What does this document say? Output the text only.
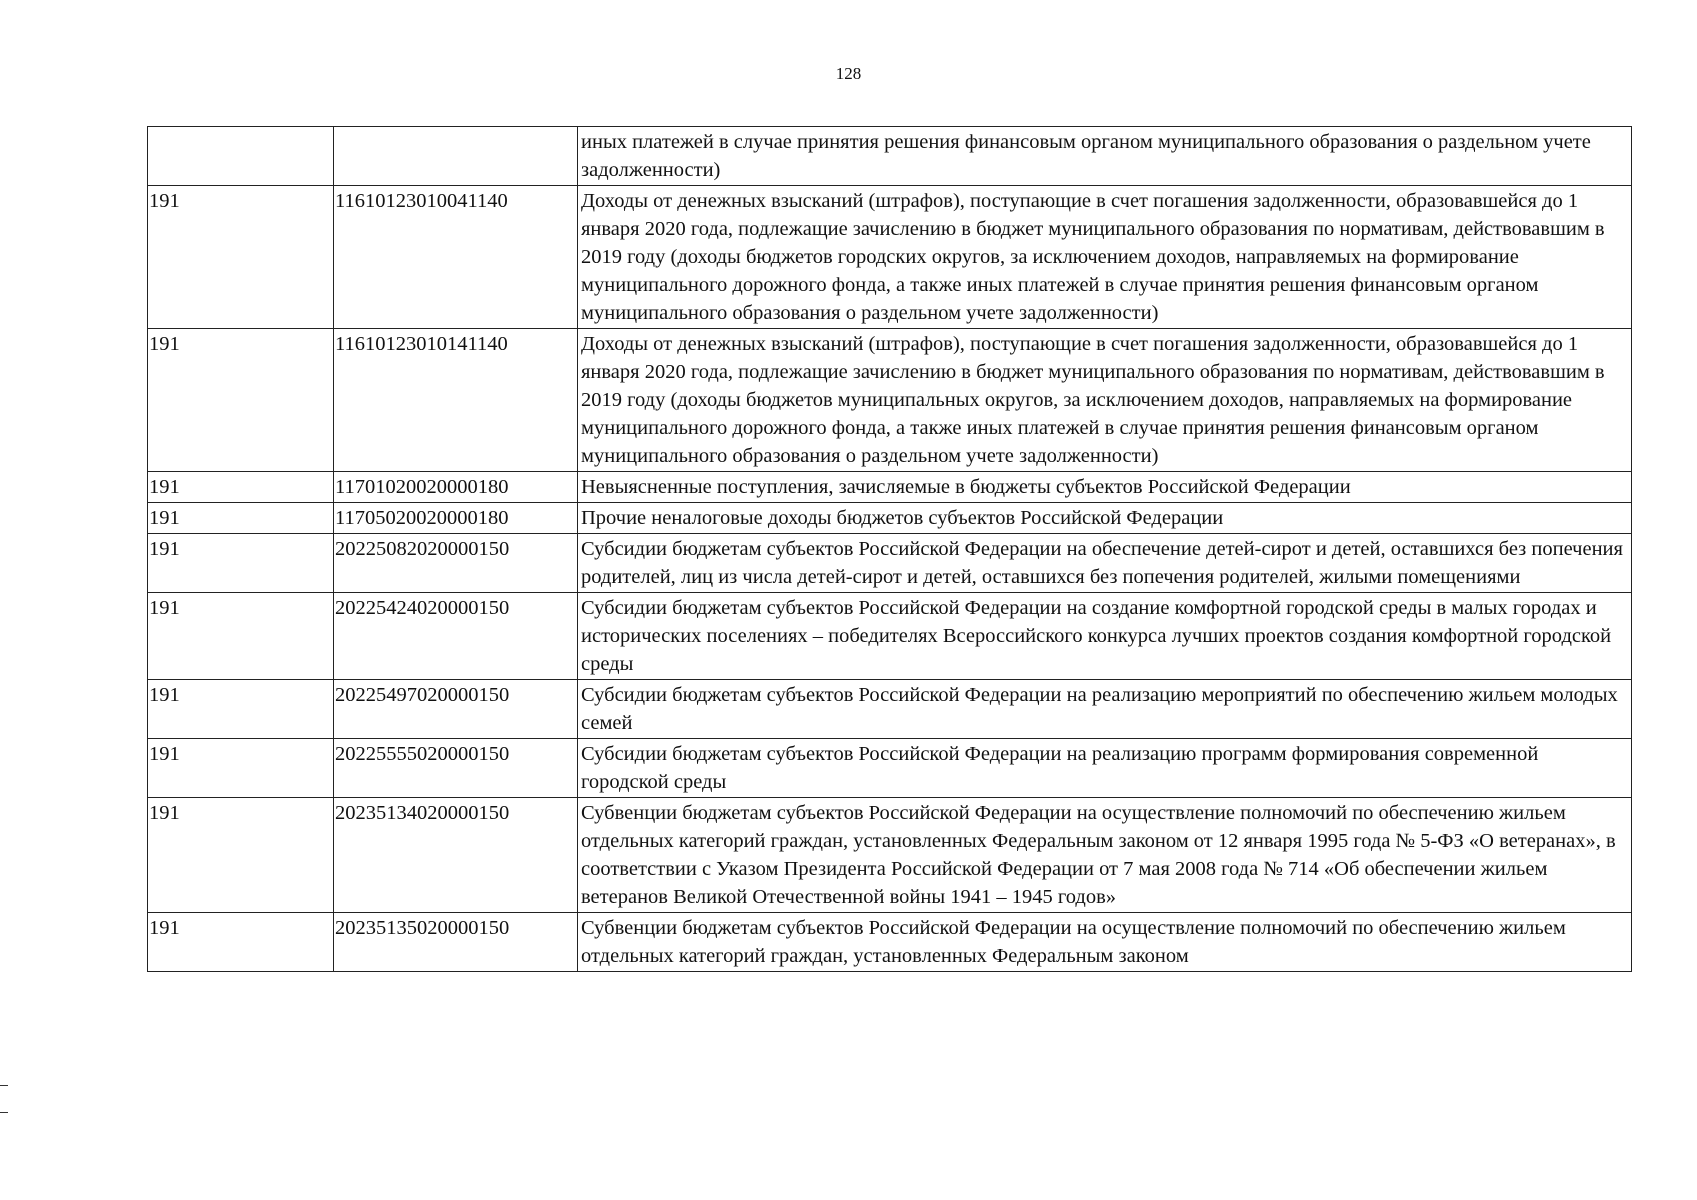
128
		иных платежей в случае принятия решения финансовым органом муниципального образования о раздельном учете задолженности)
191	11610123010041140	Доходы от денежных взысканий (штрафов), поступающие в счет погашения задолженности, образовавшейся до 1 января 2020 года, подлежащие зачислению в бюджет муниципального образования по нормативам, действовавшим в 2019 году (доходы бюджетов городских округов, за исключением доходов, направляемых на формирование муниципального дорожного фонда, а также иных платежей в случае принятия решения финансовым органом муниципального образования о раздельном учете задолженности)
191	11610123010141140	Доходы от денежных взысканий (штрафов), поступающие в счет погашения задолженности, образовавшейся до 1 января 2020 года, подлежащие зачислению в бюджет муниципального образования по нормативам, действовавшим в 2019 году (доходы бюджетов муниципальных округов, за исключением доходов, направляемых на формирование муниципального дорожного фонда, а также иных платежей в случае принятия решения финансовым органом муниципального образования о раздельном учете задолженности)
191	11701020020000180	Невыясненные поступления, зачисляемые в бюджеты субъектов Российской Федерации
191	11705020020000180	Прочие неналоговые доходы бюджетов субъектов Российской Федерации
191	20225082020000150	Субсидии бюджетам субъектов Российской Федерации на обеспечение детей-сирот и детей, оставшихся без попечения родителей, лиц из числа детей-сирот и детей, оставшихся без попечения родителей, жилыми помещениями
191	20225424020000150	Субсидии бюджетам субъектов Российской Федерации на создание комфортной городской среды в малых городах и исторических поселениях – победителях Всероссийского конкурса лучших проектов создания комфортной городской среды
191	20225497020000150	Субсидии бюджетам субъектов Российской Федерации на реализацию мероприятий по обеспечению жильем молодых семей
191	20225555020000150	Субсидии бюджетам субъектов Российской Федерации на реализацию программ формирования современной городской среды
191	20235134020000150	Субвенции бюджетам субъектов Российской Федерации на осуществление полномочий по обеспечению жильем отдельных категорий граждан, установленных Федеральным законом от 12 января 1995 года № 5-ФЗ «О ветеранах», в соответствии с Указом Президента Российской Федерации от 7 мая 2008 года № 714 «Об обеспечении жильем ветеранов Великой Отечественной войны 1941 – 1945 годов»
191	20235135020000150	Субвенции бюджетам субъектов Российской Федерации на осуществление полномочий по обеспечению жильем отдельных категорий граждан, установленных Федеральным законом
